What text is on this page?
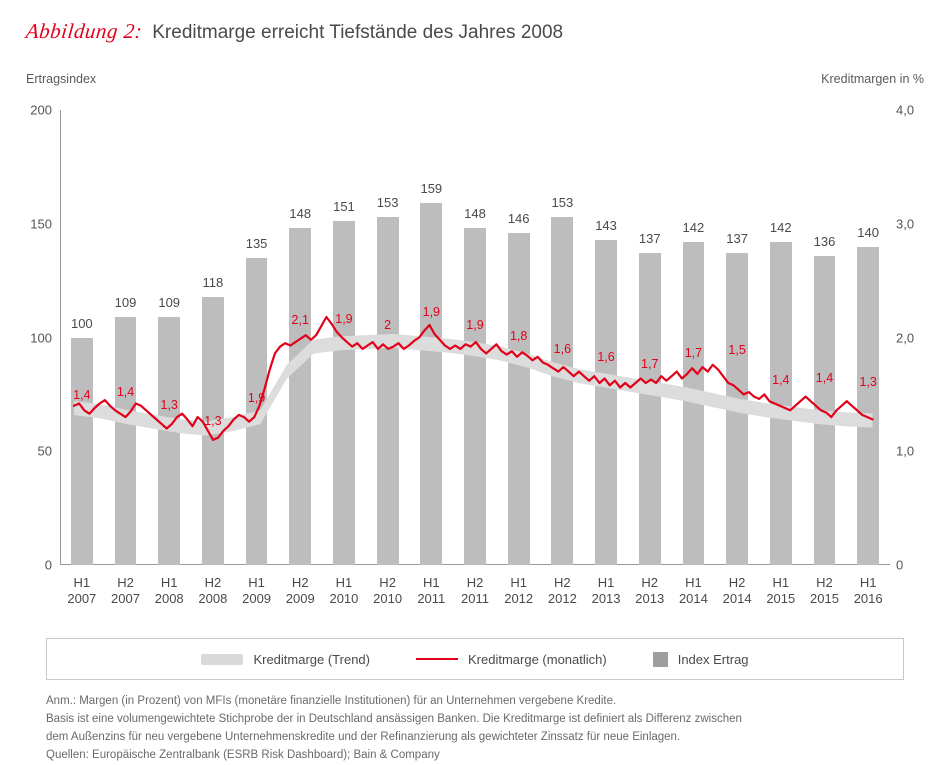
Abbildung 2: Kreditmarge erreicht Tiefstände des Jahres 2008
Ertragsindex	Kreditmargen in %
200
150
100
50
0
4,0
3,0
2,0
1,0
0
100
109 109
118
135
148 151 153
159
148 146
153
143
137
142
137
142
136
140
1,4 1,4
1,3
1,3
1,9
2,1 1,9	2
1,9
1,9
1,8
1,6
1,6 1,7
1,7 1,5
1,4 1,4 1,3
H1
2007
H2
2007
H1
2008
H2
2008
H1
2009
H2
2009
H1
2010
H2
2010
H1
2011
H2
2011
H1
2012
H2
2012
H1
2013
H2
2013
H1
2014
H2
2014
H1
2015
H2
2015
H1
2016
Kreditmarge (Trend)	Kreditmarge (monatlich)	Index Ertrag
Anm.: Margen (in Prozent) von MFIs (monetäre finanzielle Institutionen) für an Unternehmen vergebene Kredite.
Basis ist eine volumengewichtete Stichprobe der in Deutschland ansässigen Banken. Die Kreditmarge ist definiert als Differenz zwischen
dem Außenzins für neu vergebene Unternehmenskredite und der Refinanzierung als gewichteter Zinssatz für neue Einlagen.
Quellen: Europäische Zentralbank (ESRB Risk Dashboard); Bain & Company
